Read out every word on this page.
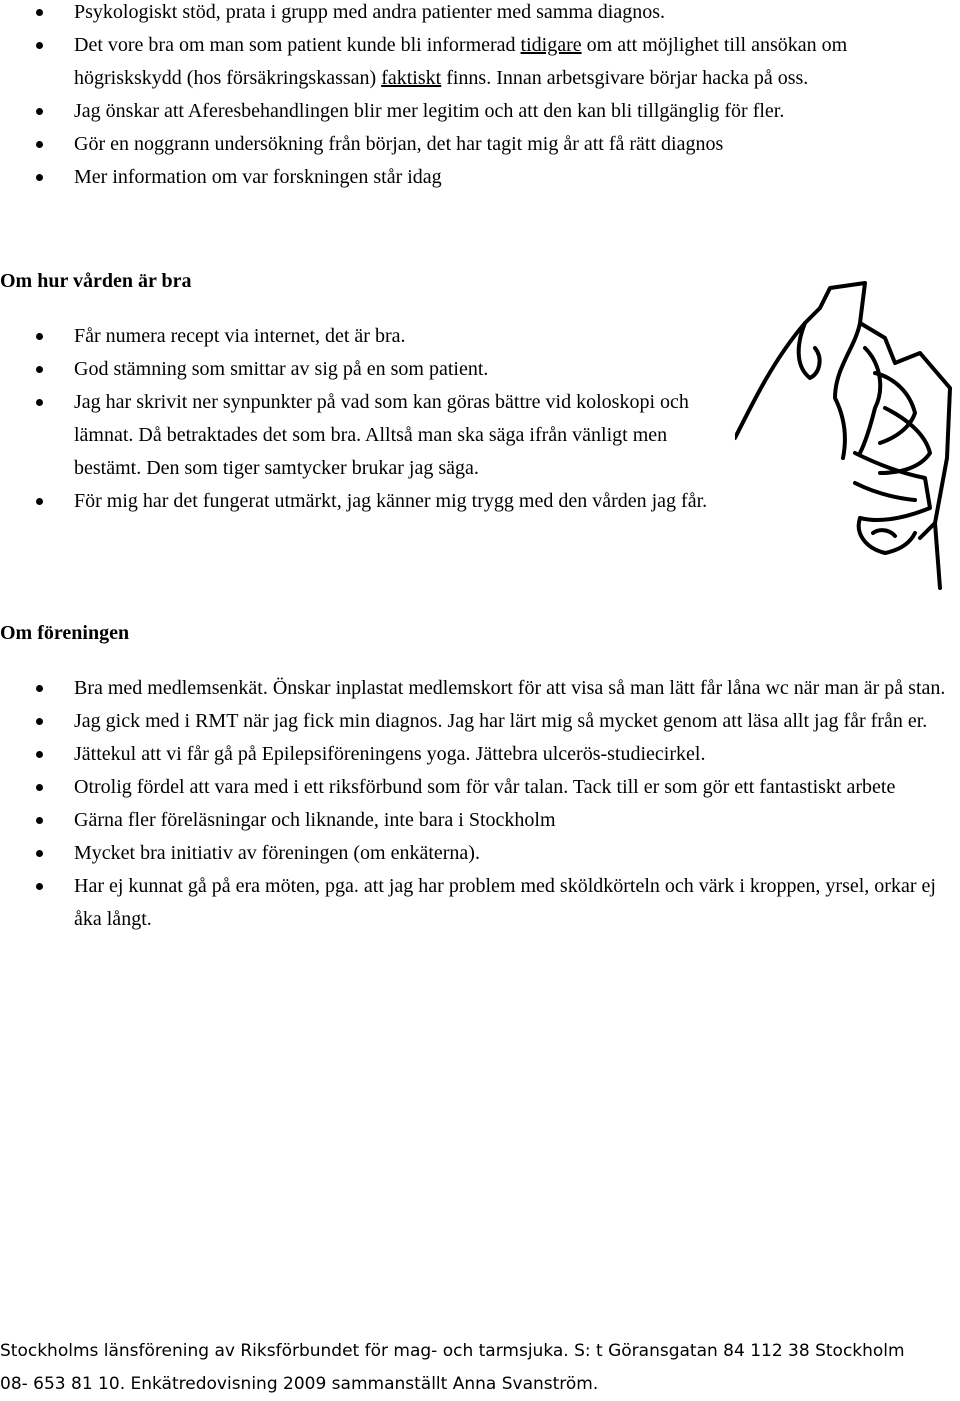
Psykologiskt stöd, prata i grupp med andra patienter med samma diagnos.
Det vore bra om man som patient kunde bli informerad tidigare om att möjlighet till ansökan om högriskskydd (hos försäkringskassan) faktiskt finns. Innan arbetsgivare börjar hacka på oss.
Jag önskar att Aferesbehandlingen blir mer legitim och att den kan bli tillgänglig för fler.
Gör en noggrann undersökning från början, det har tagit mig år att få rätt diagnos
Mer information om var forskningen står idag
Om hur vården är bra
Får numera recept via internet, det är bra.
God stämning som smittar av sig på en som patient.
Jag har skrivit ner synpunkter på vad som kan göras bättre vid koloskopi och lämnat. Då betraktades det som bra. Alltså man ska säga ifrån vänligt men bestämt. Den som tiger samtycker brukar jag säga.
För mig har det fungerat utmärkt, jag känner mig trygg med den vården jag får.
Om föreningen
Bra med medlemsenkät. Önskar inplastat medlemskort för att visa så man lätt får låna wc när man är på stan.
Jag gick med i RMT när jag fick min diagnos. Jag har lärt mig så mycket genom att läsa allt jag får från er.
Jättekul att vi får gå på Epilepsiföreningens yoga. Jättebra ulcerös-studiecirkel.
Otrolig fördel att vara med i ett riksförbund som för vår talan. Tack till er som gör ett fantastiskt arbete
Gärna fler föreläsningar och liknande, inte bara i Stockholm
Mycket bra initiativ av föreningen (om enkäterna).
Har ej kunnat gå på era möten, pga. att jag har problem med sköldkörteln och värk i kroppen, yrsel, orkar ej åka långt.
Stockholms länsförening av Riksförbundet för mag- och tarmsjuka. S: t Göransgatan 84 112 38 Stockholm
08- 653 81 10. Enkätredovisning 2009 sammanställt Anna Svanström.
